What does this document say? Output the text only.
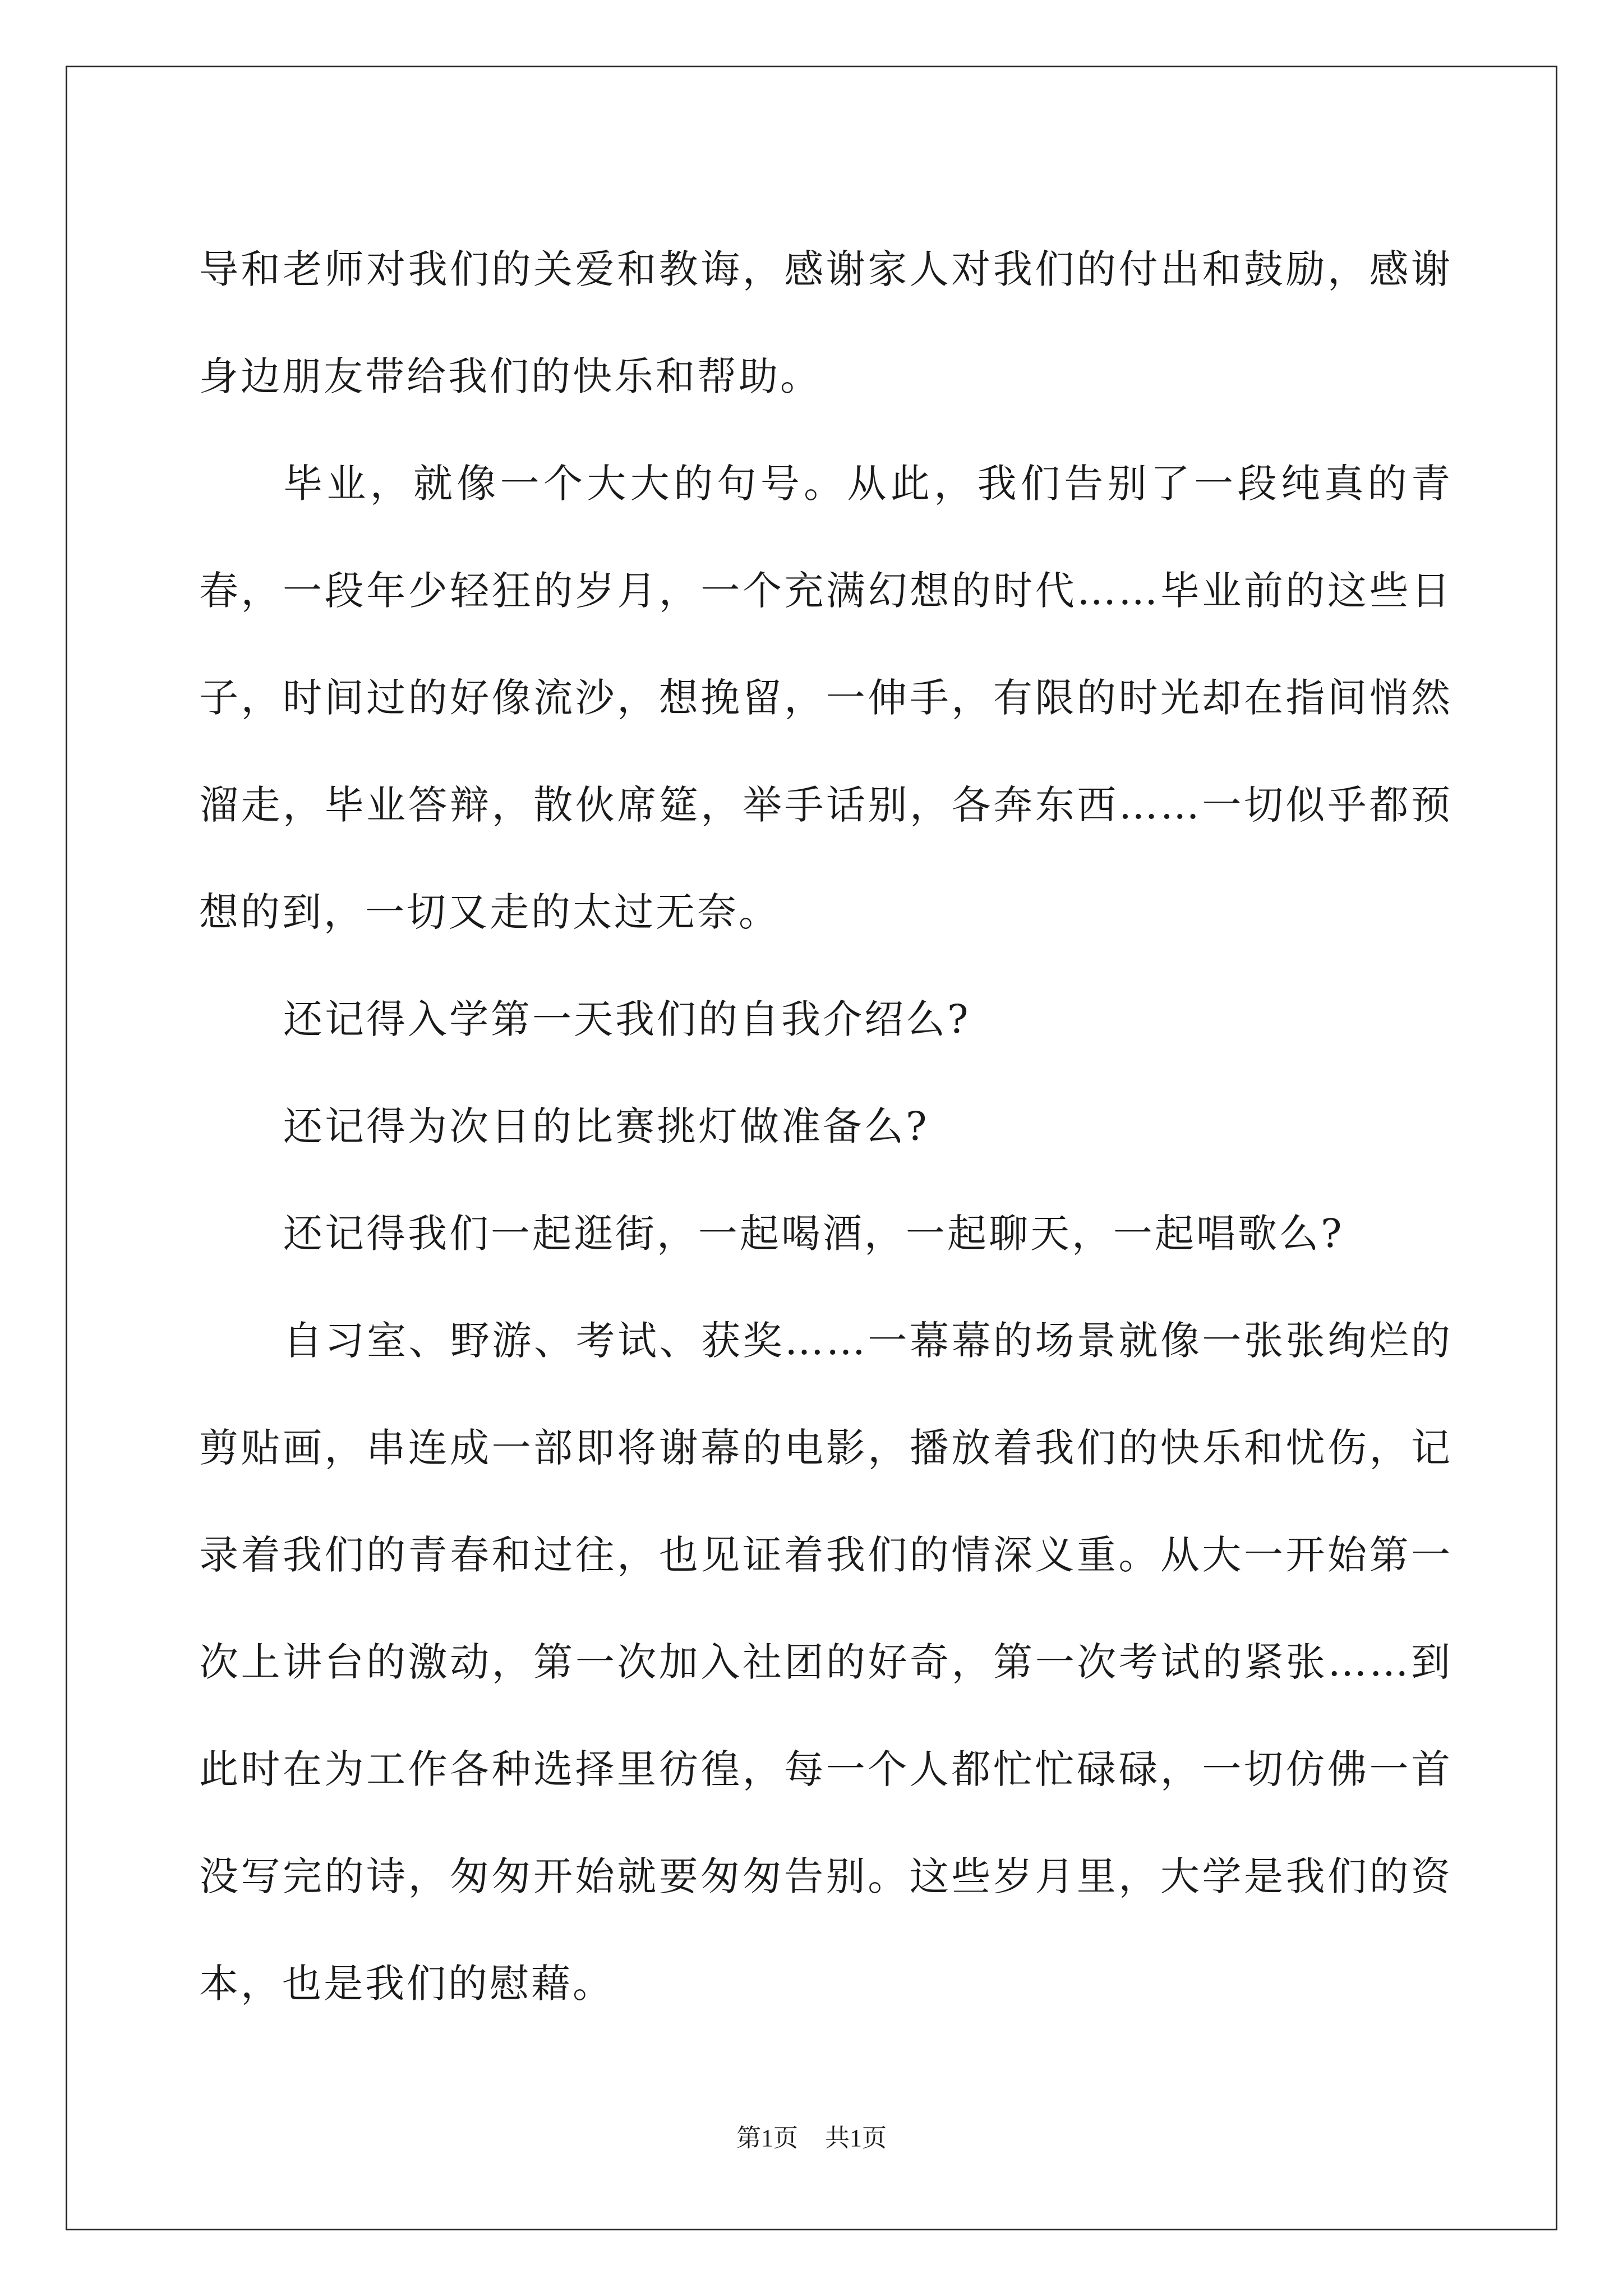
导和老师对我们的关爱和教诲，感谢家人对我们的付出和鼓励，感谢身边朋友带给我们的快乐和帮助。

毕业，就像一个大大的句号。从此，我们告别了一段纯真的青春，一段年少轻狂的岁月，一个充满幻想的时代……毕业前的这些日子，时间过的好像流沙，想挽留，一伸手，有限的时光却在指间悄然溜走，毕业答辩，散伙席筵，举手话别，各奔东西……一切似乎都预想的到，一切又走的太过无奈。

还记得入学第一天我们的自我介绍么?

还记得为次日的比赛挑灯做准备么?

还记得我们一起逛街，一起喝酒，一起聊天，一起唱歌么?

自习室、野游、考试、获奖……一幕幕的场景就像一张张绚烂的剪贴画，串连成一部即将谢幕的电影，播放着我们的快乐和忧伤，记录着我们的青春和过往，也见证着我们的情深义重。从大一开始第一次上讲台的激动，第一次加入社团的好奇，第一次考试的紧张……到此时在为工作各种选择里彷徨，每一个人都忙忙碌碌，一切仿佛一首没写完的诗，匆匆开始就要匆匆告别。这些岁月里，大学是我们的资本，也是我们的慰藉。

第1页 共1页
